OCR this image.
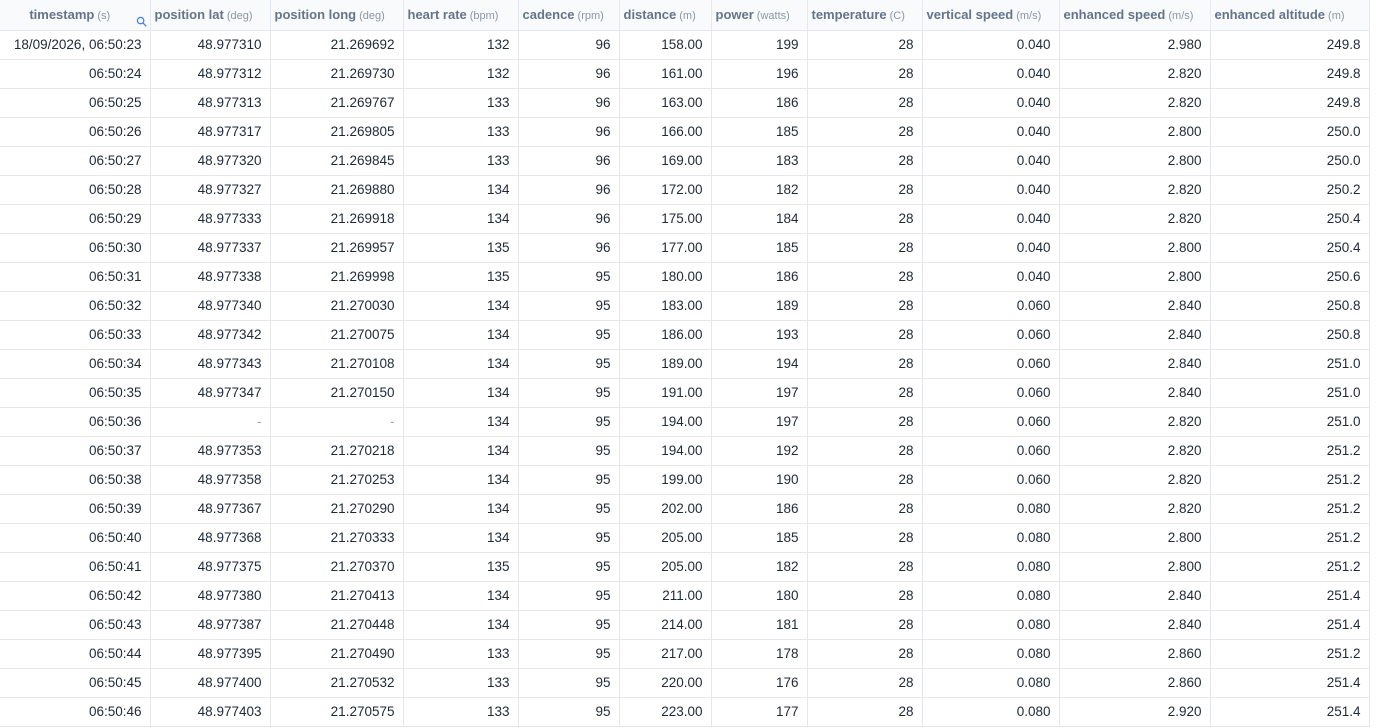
timestamp (s)	position lat (deg)	position long (deg)	heart rate (bpm)	cadence (rpm)	distance (m)	power (watts)	temperature (C)	vertical speed (m/s)	enhanced speed (m/s)	enhanced altitude (m)
18/09/2026, 06:50:23	48.977310	21.269692	132	96	158.00	199	28	0.040	2.980	249.8
06:50:24	48.977312	21.269730	132	96	161.00	196	28	0.040	2.820	249.8
06:50:25	48.977313	21.269767	133	96	163.00	186	28	0.040	2.820	249.8
06:50:26	48.977317	21.269805	133	96	166.00	185	28	0.040	2.800	250.0
06:50:27	48.977320	21.269845	133	96	169.00	183	28	0.040	2.800	250.0
06:50:28	48.977327	21.269880	134	96	172.00	182	28	0.040	2.820	250.2
06:50:29	48.977333	21.269918	134	96	175.00	184	28	0.040	2.820	250.4
06:50:30	48.977337	21.269957	135	96	177.00	185	28	0.040	2.800	250.4
06:50:31	48.977338	21.269998	135	95	180.00	186	28	0.040	2.800	250.6
06:50:32	48.977340	21.270030	134	95	183.00	189	28	0.060	2.840	250.8
06:50:33	48.977342	21.270075	134	95	186.00	193	28	0.060	2.840	250.8
06:50:34	48.977343	21.270108	134	95	189.00	194	28	0.060	2.840	251.0
06:50:35	48.977347	21.270150	134	95	191.00	197	28	0.060	2.840	251.0
06:50:36	-	-	134	95	194.00	197	28	0.060	2.820	251.0
06:50:37	48.977353	21.270218	134	95	194.00	192	28	0.060	2.820	251.2
06:50:38	48.977358	21.270253	134	95	199.00	190	28	0.060	2.820	251.2
06:50:39	48.977367	21.270290	134	95	202.00	186	28	0.080	2.820	251.2
06:50:40	48.977368	21.270333	134	95	205.00	185	28	0.080	2.800	251.2
06:50:41	48.977375	21.270370	135	95	205.00	182	28	0.080	2.800	251.2
06:50:42	48.977380	21.270413	134	95	211.00	180	28	0.080	2.840	251.4
06:50:43	48.977387	21.270448	134	95	214.00	181	28	0.080	2.840	251.4
06:50:44	48.977395	21.270490	133	95	217.00	178	28	0.080	2.860	251.2
06:50:45	48.977400	21.270532	133	95	220.00	176	28	0.080	2.860	251.4
06:50:46	48.977403	21.270575	133	95	223.00	177	28	0.080	2.920	251.4
